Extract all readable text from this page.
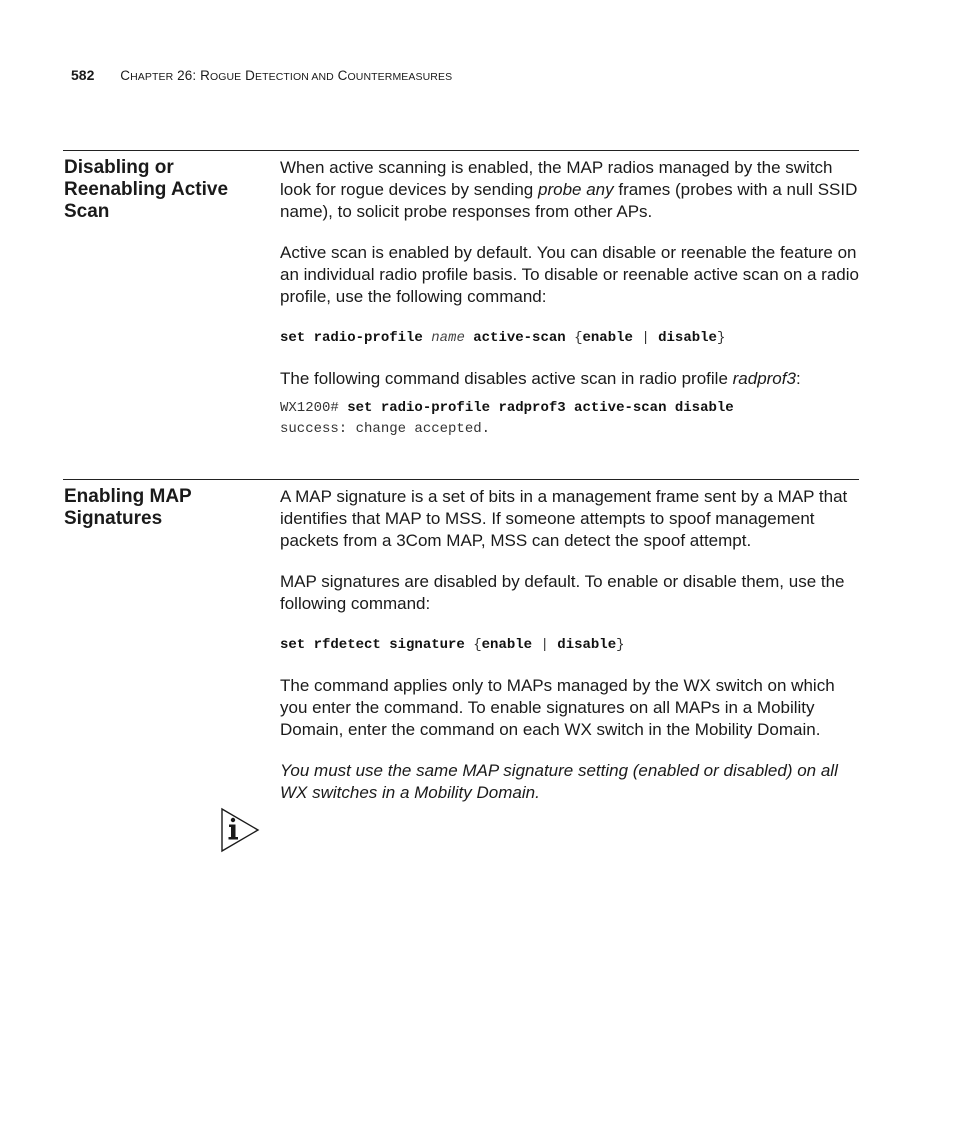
582 CHAPTER 26: ROGUE DETECTION AND COUNTERMEASURES
Disabling or Reenabling Active Scan

When active scanning is enabled, the MAP radios managed by the switch look for rogue devices by sending probe any frames (probes with a null SSID name), to solicit probe responses from other APs.

Active scan is enabled by default. You can disable or reenable the feature on an individual radio profile basis. To disable or reenable active scan on a radio profile, use the following command:

set radio-profile name active-scan {enable | disable}

The following command disables active scan in radio profile radprof3:

WX1200# set radio-profile radprof3 active-scan disable

success: change accepted.

Enabling MAP Signatures

A MAP signature is a set of bits in a management frame sent by a MAP that identifies that MAP to MSS. If someone attempts to spoof management packets from a 3Com MAP, MSS can detect the spoof attempt.

MAP signatures are disabled by default. To enable or disable them, use the following command:

set rfdetect signature {enable | disable}

The command applies only to MAPs managed by the WX switch on which you enter the command. To enable signatures on all MAPs in a Mobility Domain, enter the command on each WX switch in the Mobility Domain.

You must use the same MAP signature setting (enabled or disabled) on all WX switches in a Mobility Domain.
